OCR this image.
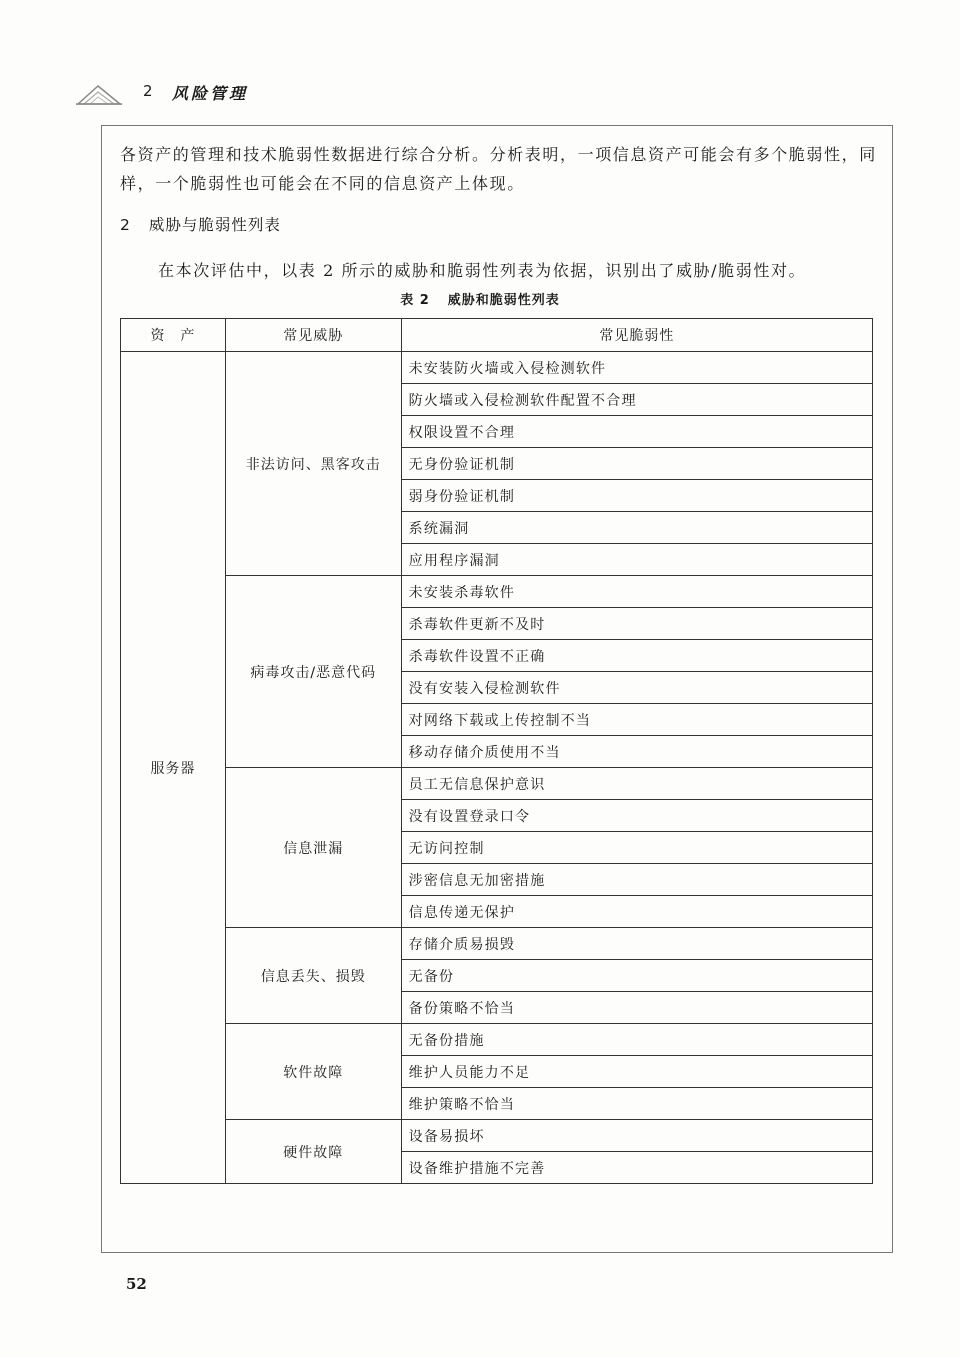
2 风险管理

各资产的管理和技术脆弱性数据进行综合分析。分析表明，一项信息资产可能会有多个脆弱性，同样，一个脆弱性也可能会在不同的信息资产上体现。

2 威胁与脆弱性列表

在本次评估中，以表 2 所示的威胁和脆弱性列表为依据，识别出了威胁/脆弱性对。

表 2 威胁和脆弱性列表
资　产	常见威胁	常见脆弱性
服务器	非法访问、黑客攻击	未安装防火墙或入侵检测软件
		防火墙或入侵检测软件配置不合理
		权限设置不合理
		无身份验证机制
		弱身份验证机制
		系统漏洞
		应用程序漏洞
	病毒攻击/恶意代码	未安装杀毒软件
		杀毒软件更新不及时
		杀毒软件设置不正确
		没有安装入侵检测软件
		对网络下载或上传控制不当
		移动存储介质使用不当
	信息泄漏	员工无信息保护意识
		没有设置登录口令
		无访问控制
		涉密信息无加密措施
		信息传递无保护
	信息丢失、损毁	存储介质易损毁
		无备份
		备份策略不恰当
	软件故障	无备份措施
		维护人员能力不足
		维护策略不恰当
	硬件故障	设备易损坏
		设备维护措施不完善
52
